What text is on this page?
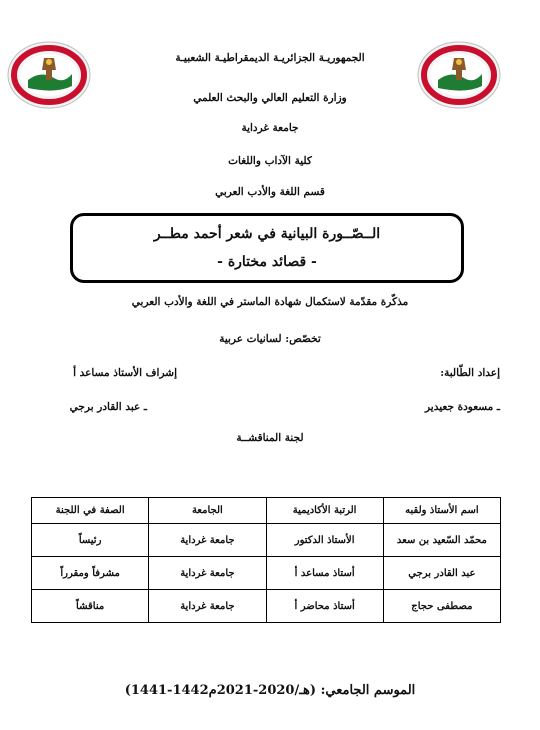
الجمهوريـة الجزائريـة الديمقراطيـة الشعبيـة
وزارة التعليم العالي والبحث العلمي
جامعة غرداية
كلية الآداب واللغات
قسم اللغة والأدب العربي
الــصّــورة البيانية في شعر أحمد مطــر
- قصائد مختارة -
مذكّرة مقدّمة لاستكمال شهادة الماستر في اللغة والأدب العربي
تخصّص: لسانيات عربية
إعداد الطّالبة:
إشراف الأستاذ مساعد أ
ـ مسعودة جعيدير
ـ عبد القادر برجي
لجنة المناقشــة
اسم الأستاذ ولقبه	الرتبة الأكاديمية	الجامعة	الصفة في اللجنة
محمّد السّعيد بن سعد	الأستاذ الدكتور	جامعة غرداية	رئيساً
عبد القادر برجي	أستاذ مساعد أ	جامعة غرداية	مشرفاً ومقرراً
مصطفى حجاج	أستاذ محاضر أ	جامعة غرداية	مناقشاً
الموسم الجامعي: (1441-1442هـ/2020-2021م)
